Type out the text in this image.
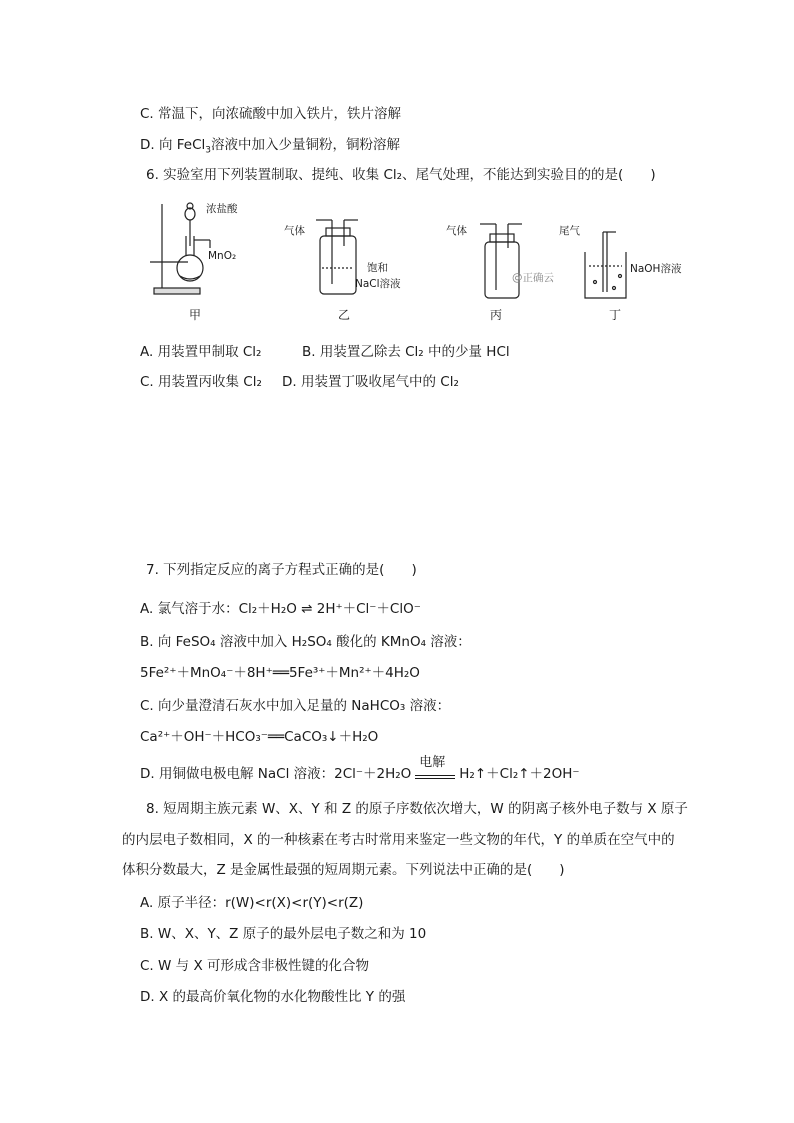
C. 常温下，向浓硫酸中加入铁片，铁片溶解
D. 向 FeCl$_3$溶液中加入少量铜粉，铜粉溶解
6. 实验室用下列装置制取、提纯、收集 Cl₂、尾气处理，不能达到实验目的的是(　　)
浓盐酸
MnO₂
气体
饱和
NaCl溶液
气体
@正确云
尾气
NaOH溶液
甲	乙	丙	丁
A. 用装置甲制取 Cl₂	B. 用装置乙除去 Cl₂ 中的少量 HCl
C. 用装置丙收集 Cl₂ D. 用装置丁吸收尾气中的 Cl₂
7. 下列指定反应的离子方程式正确的是(　　)
A. 氯气溶于水：Cl₂＋H₂O ⇌ 2H⁺＋Cl⁻＋ClO⁻
B. 向 FeSO₄ 溶液中加入 H₂SO₄ 酸化的 KMnO₄ 溶液：
5Fe²⁺＋MnO₄⁻＋8H⁺══5Fe³⁺＋Mn²⁺＋4H₂O
C. 向少量澄清石灰水中加入足量的 NaHCO₃ 溶液：
Ca²⁺＋OH⁻＋HCO₃⁻══CaCO₃↓＋H₂O
D. 用铜做电极电解 NaCl 溶液：2Cl⁻＋2H₂O
电解
H₂↑＋Cl₂↑＋2OH⁻
8. 短周期主族元素 W、X、Y 和 Z 的原子序数依次增大，W 的阴离子核外电子数与 X 原子
的内层电子数相同，X 的一种核素在考古时常用来鉴定一些文物的年代，Y 的单质在空气中的
体积分数最大，Z 是金属性最强的短周期元素。下列说法中正确的是(　　)
A. 原子半径：r(W)<r(X)<r(Y)<r(Z)
B. W、X、Y、Z 原子的最外层电子数之和为 10
C. W 与 X 可形成含非极性键的化合物
D. X 的最高价氧化物的水化物酸性比 Y 的强
